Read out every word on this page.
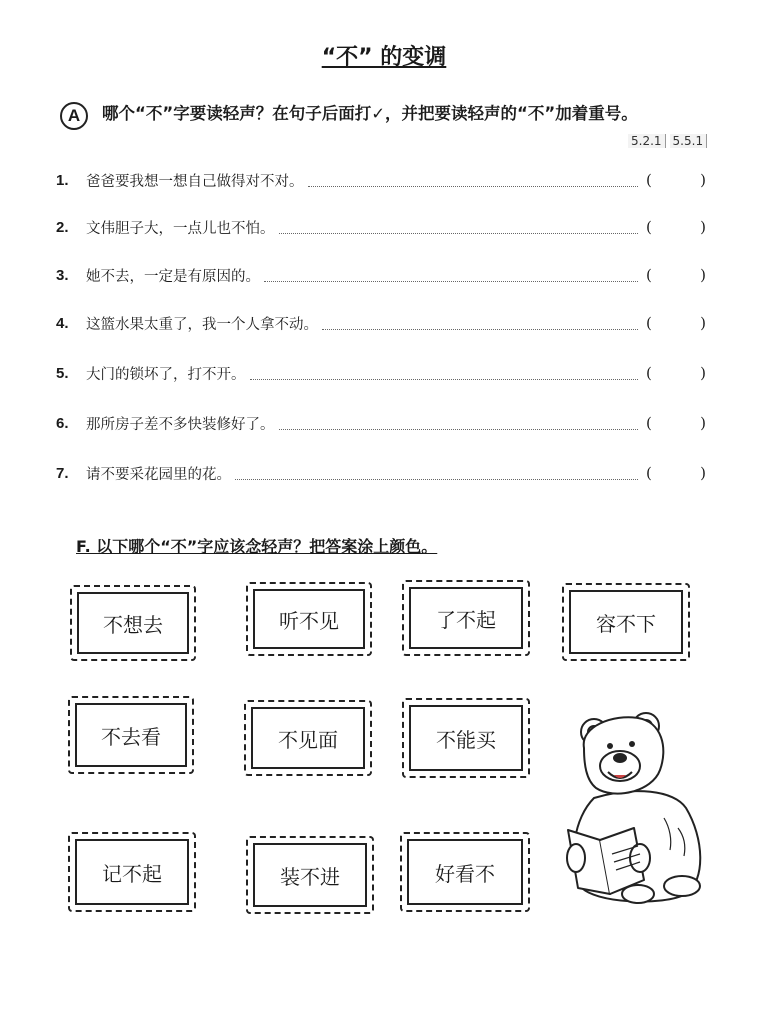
“不” 的变调
A	哪个“不”字要读轻声？在句子后面打✓，并把要读轻声的“不”加着重号。
5.2.1 5.5.1
1.	爸爸要我想一想自己做得对不对。	(	)
2.	文伟胆子大，一点儿也不怕。	(	)
3.	她不去，一定是有原因的。	(	)
4.	这篮水果太重了，我一个人拿不动。	(	)
5.	大门的锁坏了，打不开。	(	)
6.	那所房子差不多快装修好了。	(	)
7.	请不要采花园里的花。	(	)
F. 以下哪个“不”字应该念轻声？把答案涂上颜色。
不想去	听不见	了不起	容不下
不去看	不见面	不能买
记不起	装不进	好看不
